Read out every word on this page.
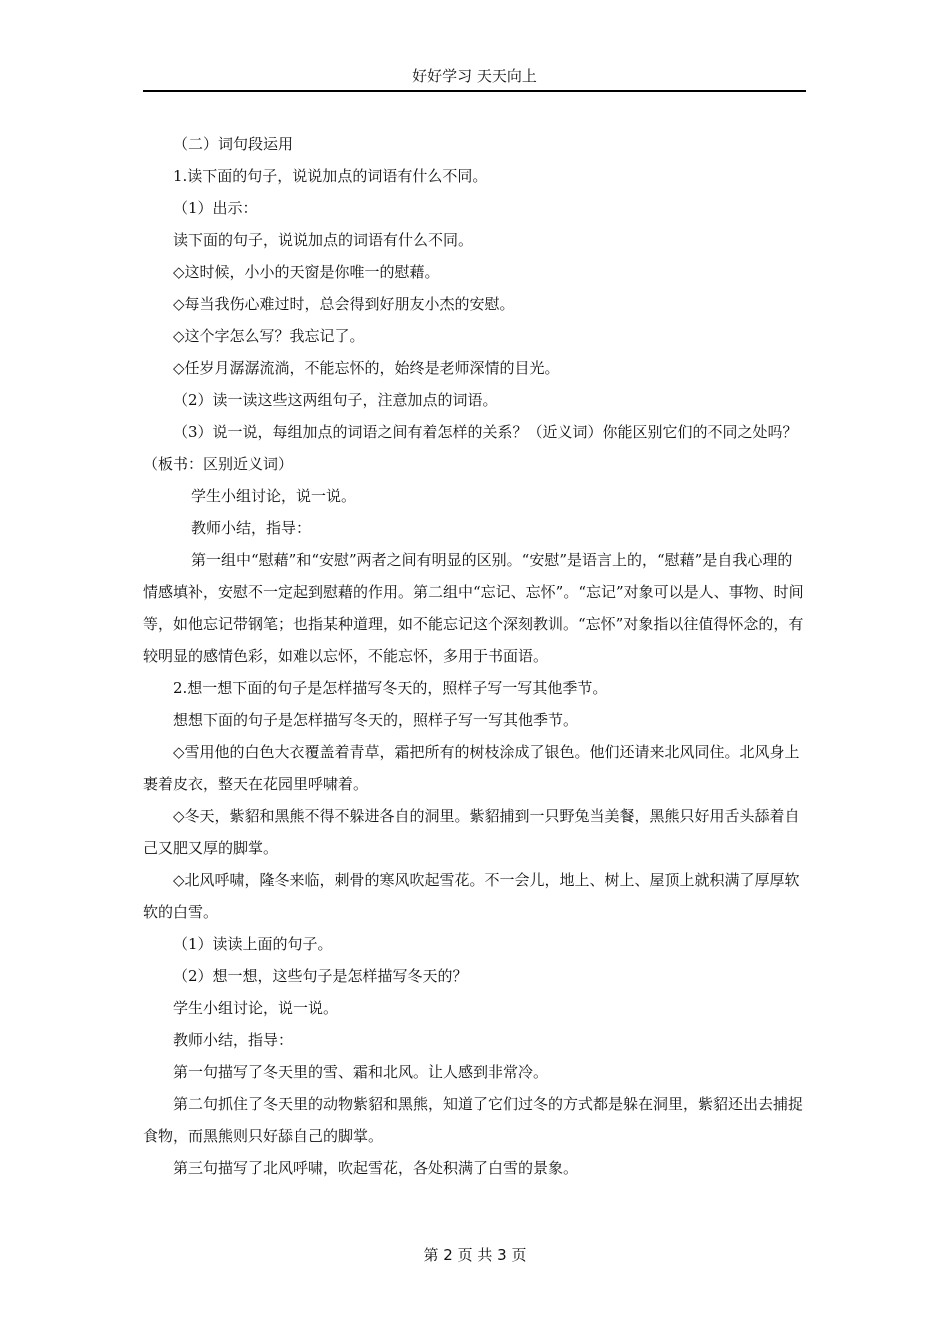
好好学习 天天向上

（二）词句段运用

1.读下面的句子，说说加点的词语有什么不同。

（1）出示：

读下面的句子，说说加点的词语有什么不同。

◇这时候，小小的天窗是你唯一的慰藉。

◇每当我伤心难过时，总会得到好朋友小杰的安慰。

◇这个字怎么写？我忘记了。

◇任岁月潺潺流淌，不能忘怀的，始终是老师深情的目光。

（2）读一读这些这两组句子，注意加点的词语。

（3）说一说，每组加点的词语之间有着怎样的关系？（近义词）你能区别它们的不同之处吗？（板书：区别近义词）

学生小组讨论，说一说。

教师小结，指导：

第一组中“慰藉”和“安慰”两者之间有明显的区别。“安慰”是语言上的，“慰藉”是自我心理的情感填补，安慰不一定起到慰藉的作用。第二组中“忘记、忘怀”。“忘记”对象可以是人、事物、时间等，如他忘记带钢笔；也指某种道理，如不能忘记这个深刻教训。“忘怀”对象指以往值得怀念的，有较明显的感情色彩，如难以忘怀，不能忘怀，多用于书面语。

2.想一想下面的句子是怎样描写冬天的，照样子写一写其他季节。

想想下面的句子是怎样描写冬天的，照样子写一写其他季节。

◇雪用他的白色大衣覆盖着青草，霜把所有的树枝涂成了银色。他们还请来北风同住。北风身上裹着皮衣，整天在花园里呼啸着。

◇冬天，紫貂和黑熊不得不躲进各自的洞里。紫貂捕到一只野兔当美餐，黑熊只好用舌头舔着自己又肥又厚的脚掌。

◇北风呼啸，隆冬来临，刺骨的寒风吹起雪花。不一会儿，地上、树上、屋顶上就积满了厚厚软软的白雪。

（1）读读上面的句子。

（2）想一想，这些句子是怎样描写冬天的？

学生小组讨论，说一说。

教师小结，指导：

第一句描写了冬天里的雪、霜和北风。让人感到非常冷。

第二句抓住了冬天里的动物紫貂和黑熊，知道了它们过冬的方式都是躲在洞里，紫貂还出去捕捉食物，而黑熊则只好舔自己的脚掌。

第三句描写了北风呼啸，吹起雪花，各处积满了白雪的景象。

第 2 页 共 3 页
